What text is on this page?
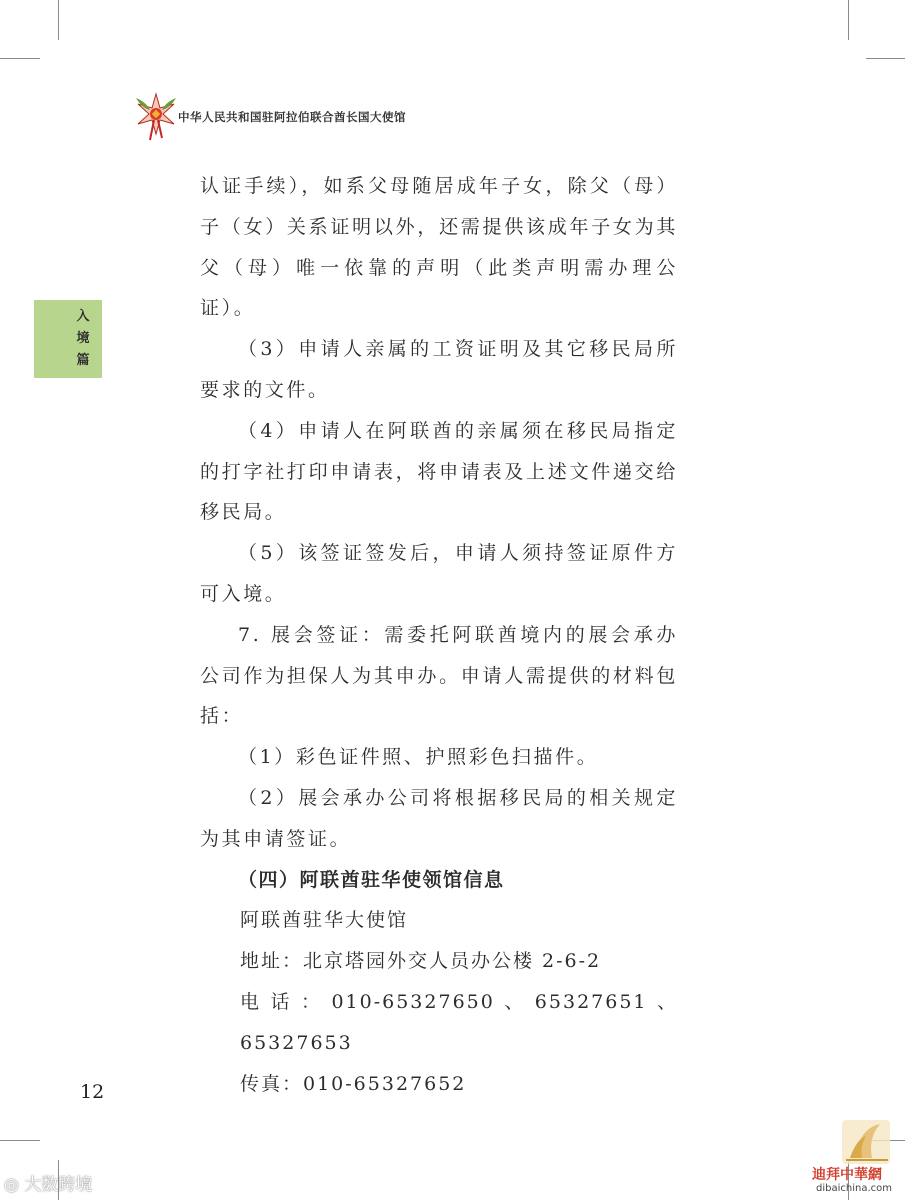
中华人民共和国驻阿拉伯联合酋长国大使馆
入境篇

认证手续），如系父母随居成年子女，除父（母）子（女）关系证明以外，还需提供该成年子女为其父（母）唯一依靠的声明（此类声明需办理公证）。

（3）申请人亲属的工资证明及其它移民局所要求的文件。

（4）申请人在阿联酋的亲属须在移民局指定的打字社打印申请表，将申请表及上述文件递交给移民局。

（5）该签证签发后，申请人须持签证原件方可入境。

7. 展会签证：需委托阿联酋境内的展会承办公司作为担保人为其申办。申请人需提供的材料包括：

（1）彩色证件照、护照彩色扫描件。

（2）展会承办公司将根据移民局的相关规定为其申请签证。

（四）阿联酋驻华使领馆信息

阿联酋驻华大使馆

地址：北京塔园外交人员办公楼 2-6-2

电话：010-65327650、65327651、65327653

传真：010-65327652

12
◎ 大数跨境	迪拜中華網
dibaichina.com
